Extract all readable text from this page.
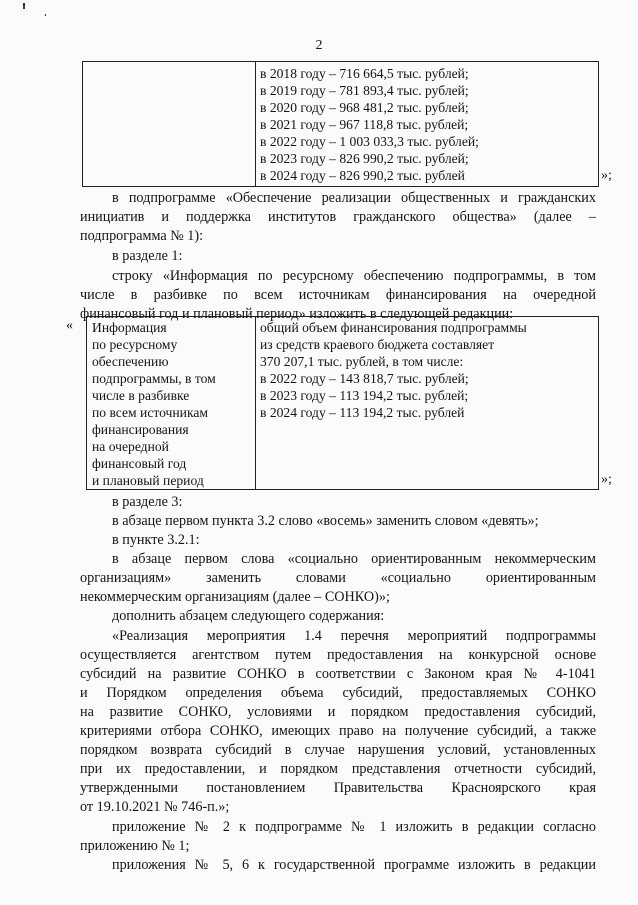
2
в 2018 году – 716 664,5 тыс. рублей;
в 2019 году – 781 893,4 тыс. рублей;
в 2020 году – 968 481,2 тыс. рублей;
в 2021 году – 967 118,8 тыс. рублей;
в 2022 году – 1 003 033,3 тыс. рублей;
в 2023 году – 826 990,2 тыс. рублей;
в 2024 году – 826 990,2 тыс. рублей	»;
в подпрограмме «Обеспечение реализации общественных и гражданских
инициатив и поддержка институтов гражданского общества» (далее –
подпрограмма № 1):
в разделе 1:
строку «Информация по ресурсному обеспечению подпрограммы, в том
числе в разбивке по всем источникам финансирования на очередной
финансовый год и плановый период» изложить в следующей редакции:
« Информация
по ресурсному
обеспечению
подпрограммы, в том
числе в разбивке
по всем источникам
финансирования
на очередной
финансовый год
и плановый период
общий объем финансирования подпрограммы
из средств краевого бюджета составляет
370 207,1 тыс. рублей, в том числе:
в 2022 году – 143 818,7 тыс. рублей;
в 2023 году – 113 194,2 тыс. рублей;
в 2024 году – 113 194,2 тыс. рублей
»;
в разделе 3:
в абзаце первом пункта 3.2 слово «восемь» заменить словом «девять»;
в пункте 3.2.1:
в абзаце первом слова «социально ориентированным некоммерческим
организациям» заменить словами «социально ориентированным
некоммерческим организациям (далее – СОНКО)»;
дополнить абзацем следующего содержания:
«Реализация мероприятия 1.4 перечня мероприятий подпрограммы
осуществляется агентством путем предоставления на конкурсной основе
субсидий на развитие СОНКО в соответствии с Законом края № 4-1041
и Порядком определения объема субсидий, предоставляемых СОНКО
на развитие СОНКО, условиями и порядком предоставления субсидий,
критериями отбора СОНКО, имеющих право на получение субсидий, а также
порядком возврата субсидий в случае нарушения условий, установленных
при их предоставлении, и порядком представления отчетности субсидий,
утвержденными постановлением Правительства Красноярского края
от 19.10.2021 № 746-п.»;
приложение № 2 к подпрограмме № 1 изложить в редакции согласно
приложению № 1;
приложения № 5, 6 к государственной программе изложить в редакции
